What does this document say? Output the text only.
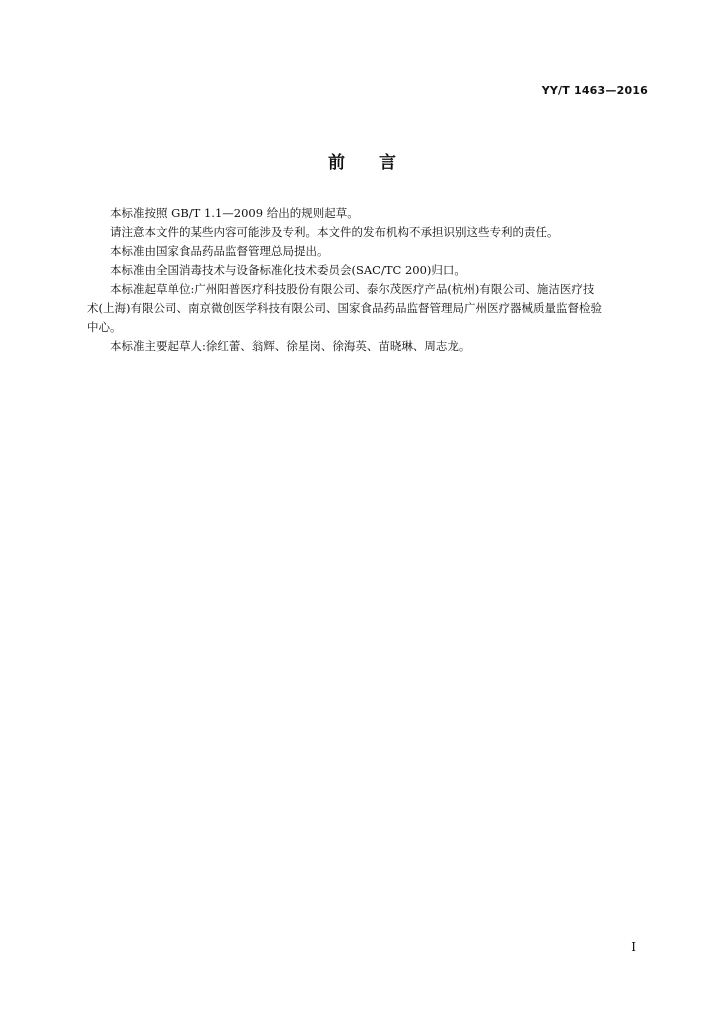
YY/T 1463—2016
前 言

本标准按照 GB/T 1.1—2009 给出的规则起草。

请注意本文件的某些内容可能涉及专利。本文件的发布机构不承担识别这些专利的责任。

本标准由国家食品药品监督管理总局提出。

本标准由全国消毒技术与设备标准化技术委员会(SAC/TC 200)归口。

本标准起草单位:广州阳普医疗科技股份有限公司、泰尔茂医疗产品(杭州)有限公司、施洁医疗技
术(上海)有限公司、南京微创医学科技有限公司、国家食品药品监督管理局广州医疗器械质量监督检验
中心。

本标准主要起草人:徐红蕾、翁辉、徐星岗、徐海英、苗晓琳、周志龙。

I
